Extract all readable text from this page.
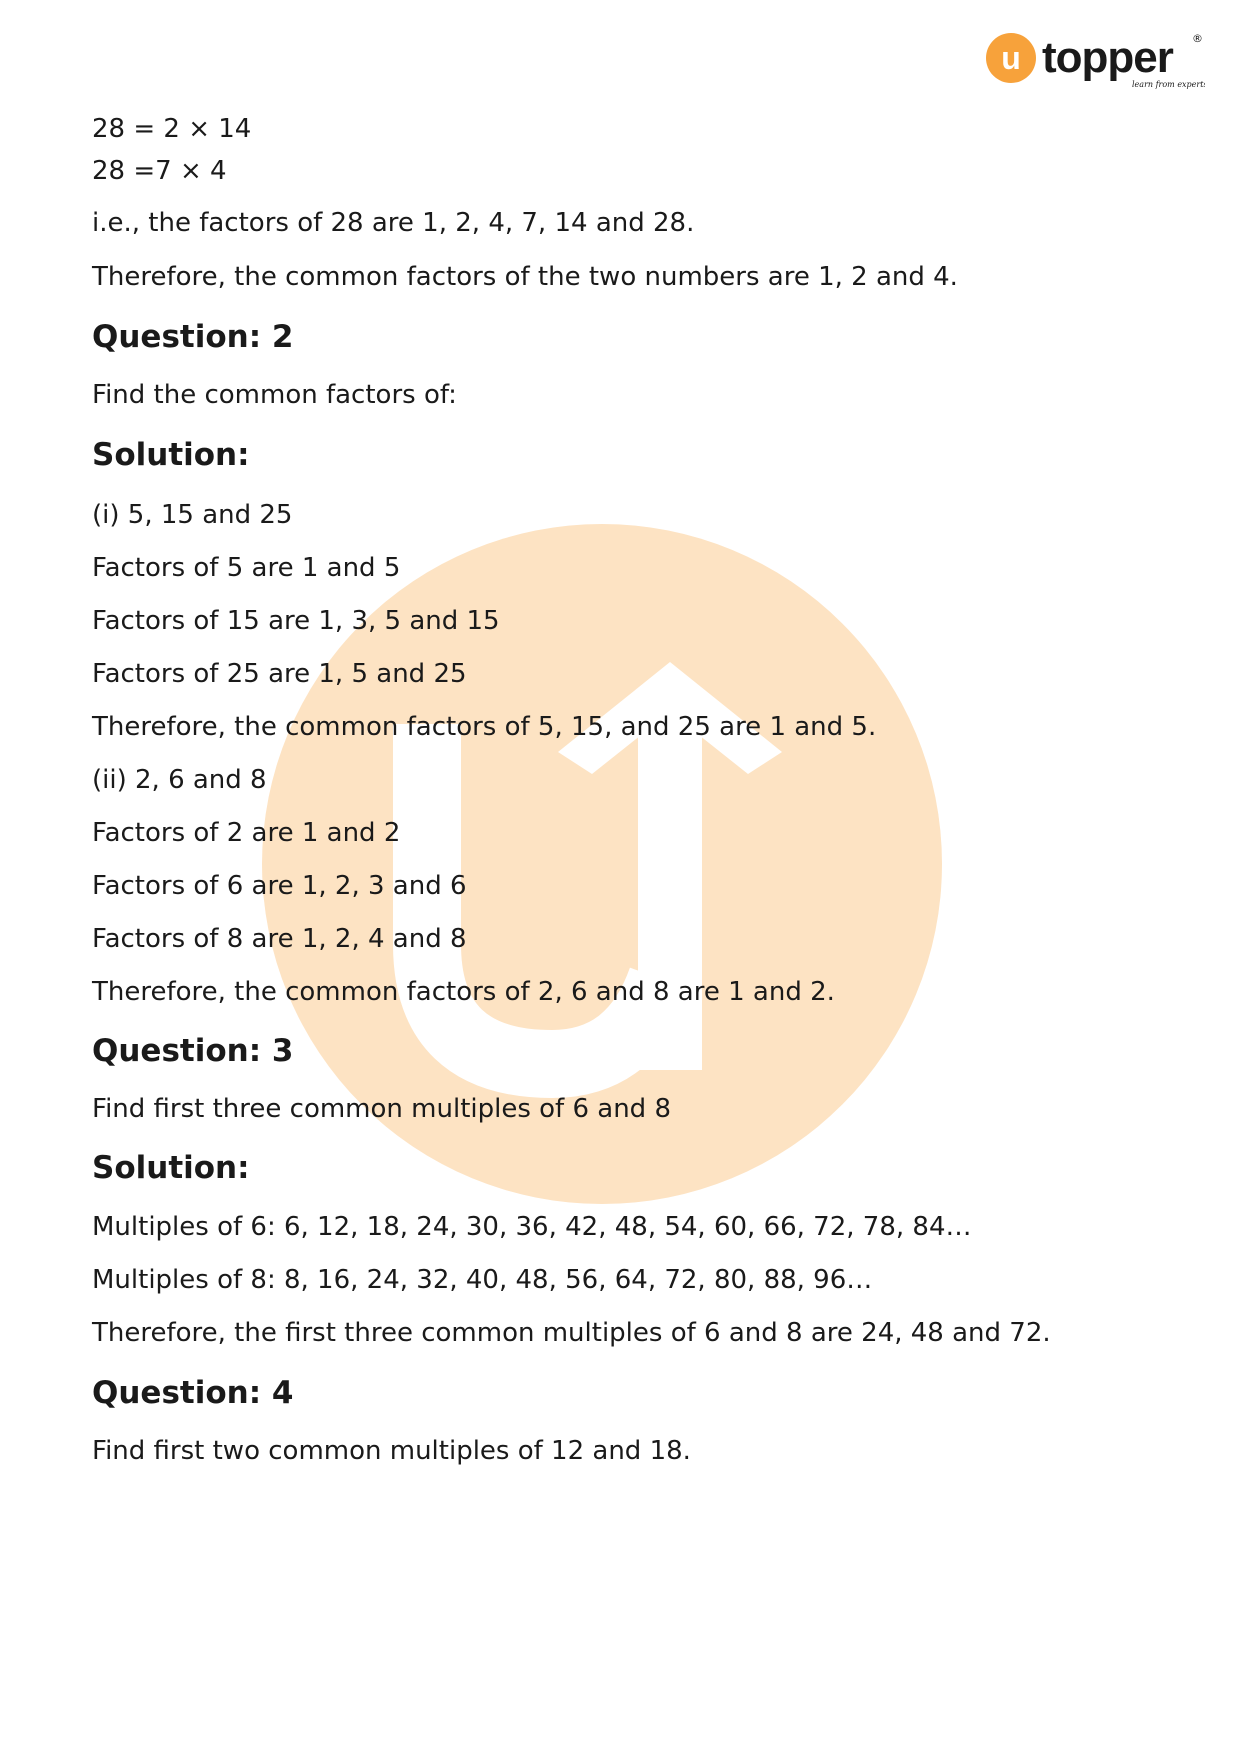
u topper ®
learn from experts
28 = 2 × 14
28 =7 × 4
i.e., the factors of 28 are 1, 2, 4, 7, 14 and 28.
Therefore, the common factors of the two numbers are 1, 2 and 4.
Question: 2
Find the common factors of:
Solution:
(i) 5, 15 and 25
Factors of 5 are 1 and 5
Factors of 15 are 1, 3, 5 and 15
Factors of 25 are 1, 5 and 25
Therefore, the common factors of 5, 15, and 25 are 1 and 5.
(ii) 2, 6 and 8
Factors of 2 are 1 and 2
Factors of 6 are 1, 2, 3 and 6
Factors of 8 are 1, 2, 4 and 8
Therefore, the common factors of 2, 6 and 8 are 1 and 2.
Question: 3
Find first three common multiples of 6 and 8
Solution:
Multiples of 6: 6, 12, 18, 24, 30, 36, 42, 48, 54, 60, 66, 72, 78, 84…
Multiples of 8: 8, 16, 24, 32, 40, 48, 56, 64, 72, 80, 88, 96…
Therefore, the first three common multiples of 6 and 8 are 24, 48 and 72.
Question: 4
Find first two common multiples of 12 and 18.
